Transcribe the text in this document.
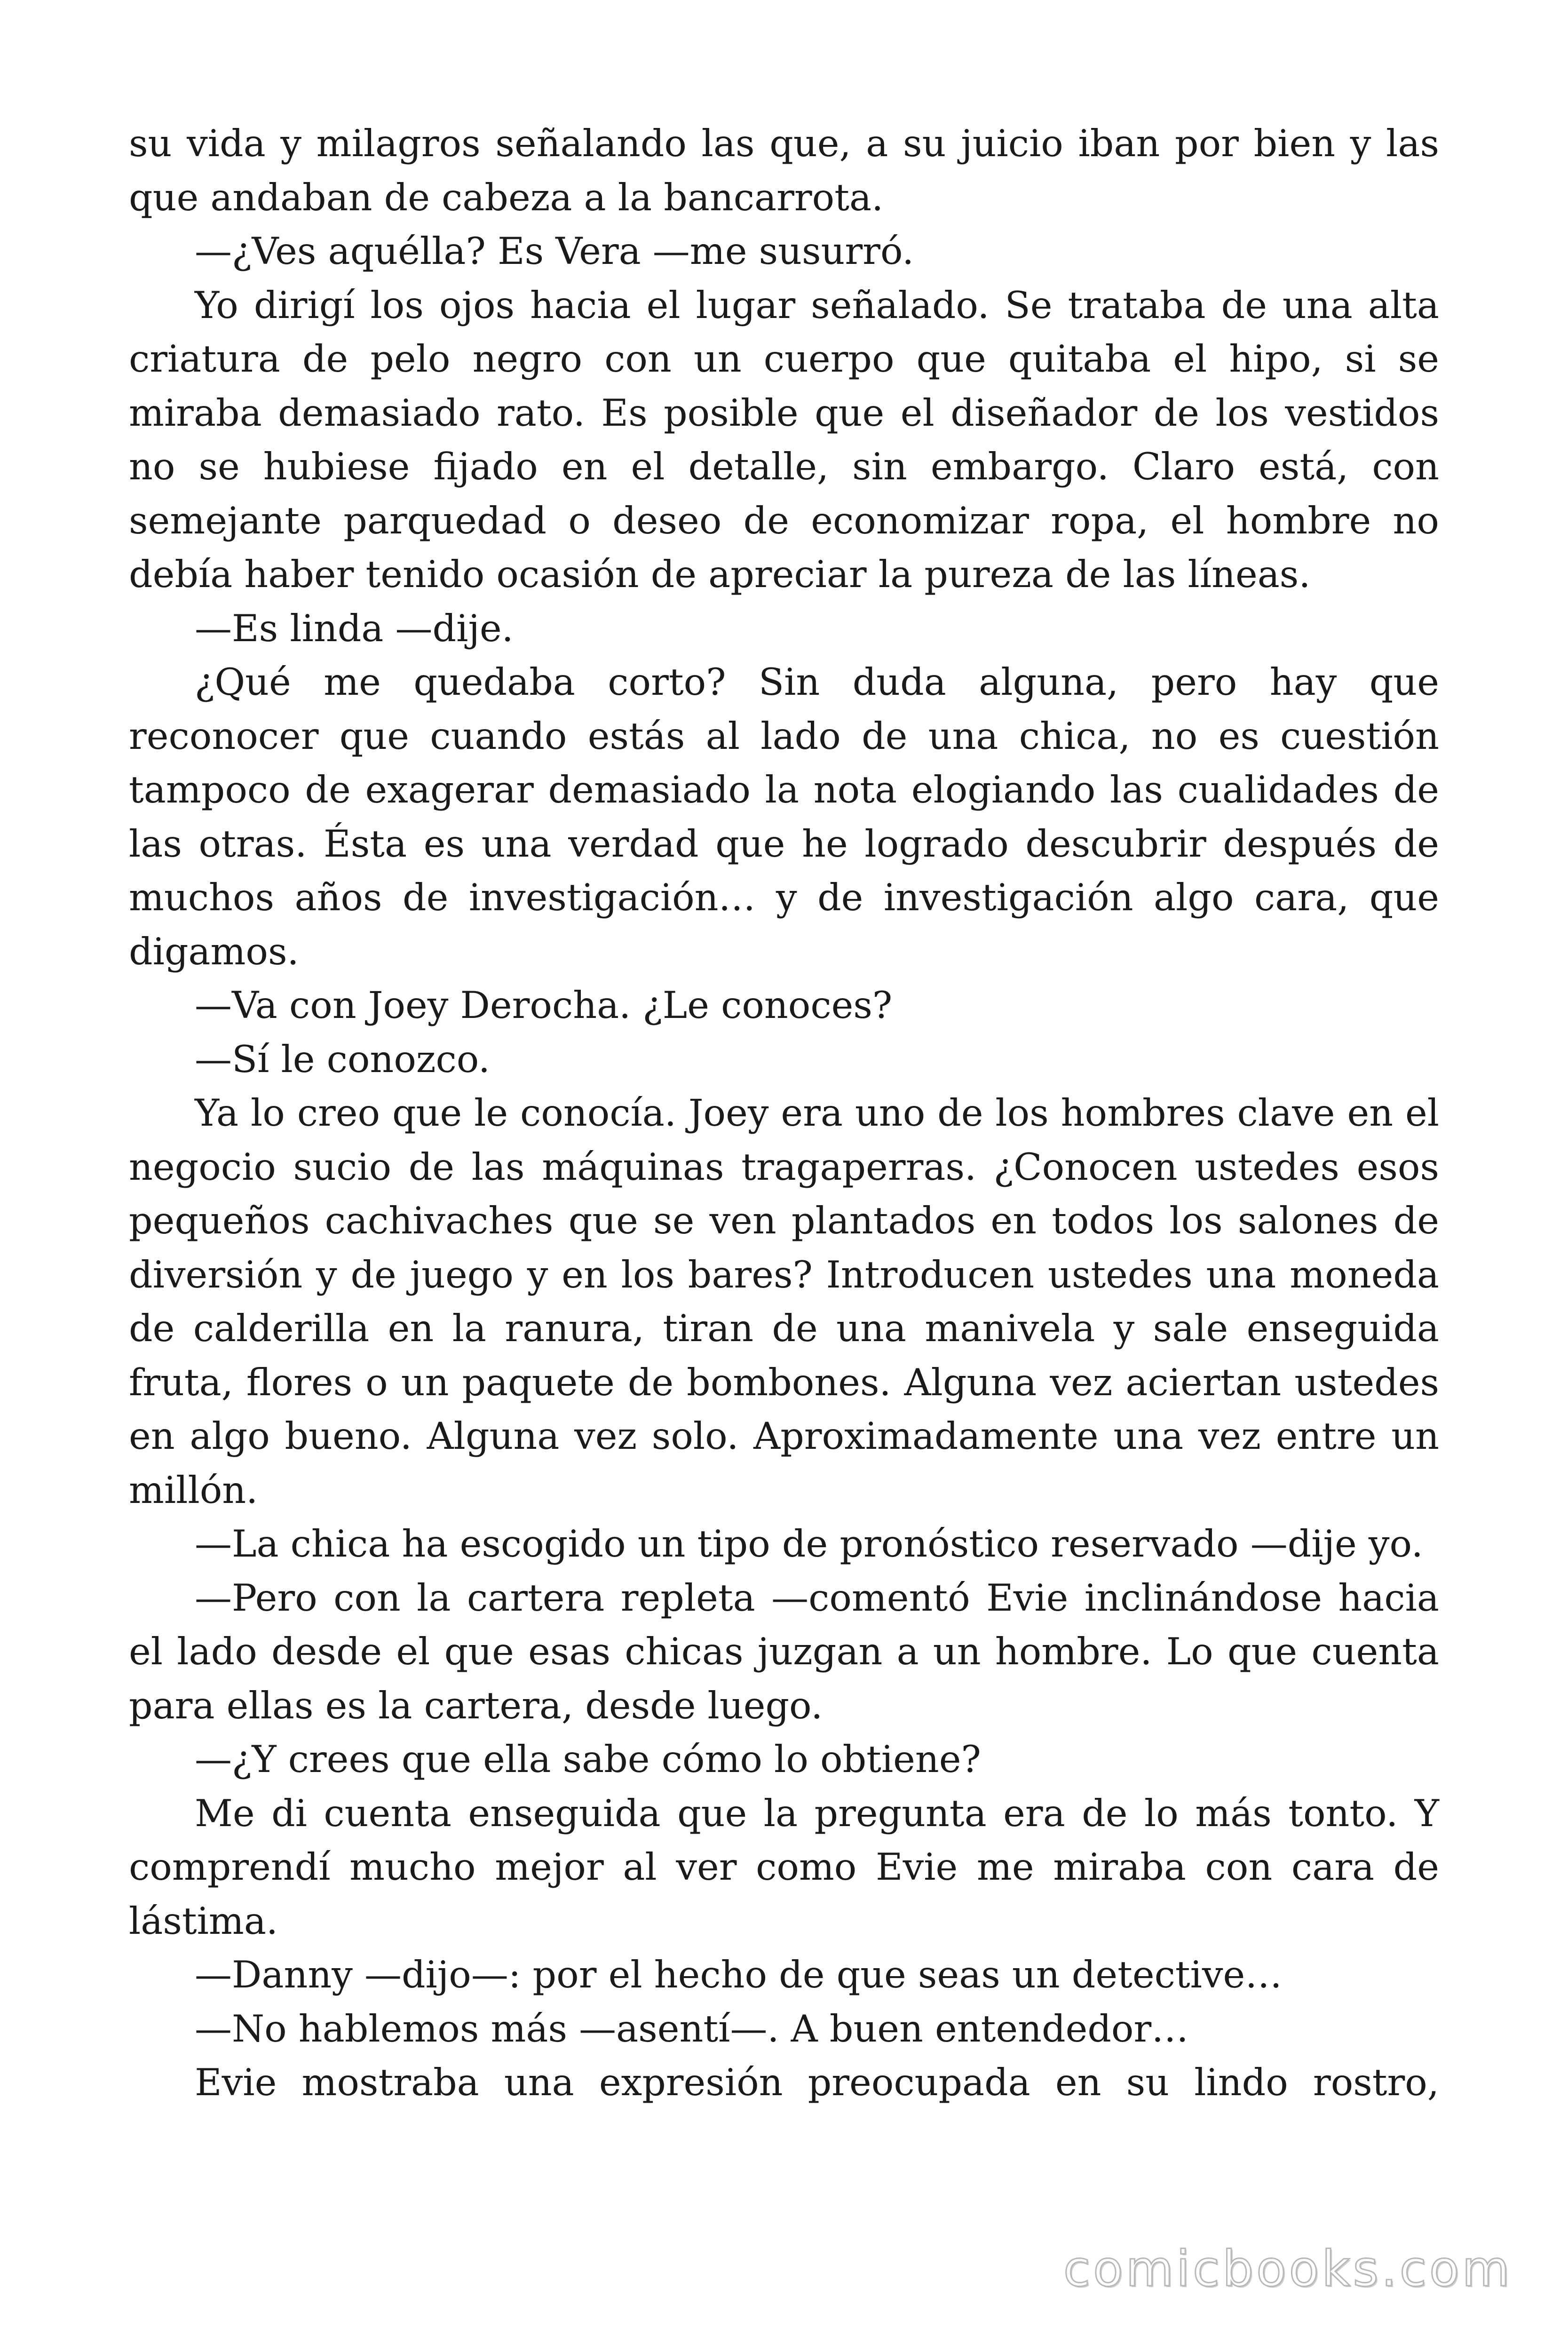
su vida y milagros señalando las que, a su juicio iban por bien y las que andaban de cabeza a la bancarrota.

—¿Ves aquélla? Es Vera —me susurró.

Yo dirigí los ojos hacia el lugar señalado. Se trataba de una alta criatura de pelo negro con un cuerpo que quitaba el hipo, si se miraba demasiado rato. Es posible que el diseñador de los vestidos no se hubiese fijado en el detalle, sin embargo. Claro está, con semejante parquedad o deseo de economizar ropa, el hombre no debía haber tenido ocasión de apreciar la pureza de las líneas.

—Es linda —dije.

¿Qué me quedaba corto? Sin duda alguna, pero hay que reconocer que cuando estás al lado de una chica, no es cuestión tampoco de exagerar demasiado la nota elogiando las cualidades de las otras. Ésta es una verdad que he logrado descubrir después de muchos años de investigación… y de investigación algo cara, que digamos.

—Va con Joey Derocha. ¿Le conoces?

—Sí le conozco.

Ya lo creo que le conocía. Joey era uno de los hombres clave en el negocio sucio de las máquinas tragaperras. ¿Conocen ustedes esos pequeños cachivaches que se ven plantados en todos los salones de diversión y de juego y en los bares? Introducen ustedes una moneda de calderilla en la ranura, tiran de una manivela y sale enseguida fruta, flores o un paquete de bombones. Alguna vez aciertan ustedes en algo bueno. Alguna vez solo. Aproximadamente una vez entre un millón.

—La chica ha escogido un tipo de pronóstico reservado —dije yo.

—Pero con la cartera repleta —comentó Evie inclinándose hacia el lado desde el que esas chicas juzgan a un hombre. Lo que cuenta para ellas es la cartera, desde luego.

—¿Y crees que ella sabe cómo lo obtiene?

Me di cuenta enseguida que la pregunta era de lo más tonto. Y comprendí mucho mejor al ver como Evie me miraba con cara de lástima.

—Danny —dijo—: por el hecho de que seas un detective…

—No hablemos más —asentí—. A buen entendedor…

Evie mostraba una expresión preocupada en su lindo rostro,

comicbooks.com
